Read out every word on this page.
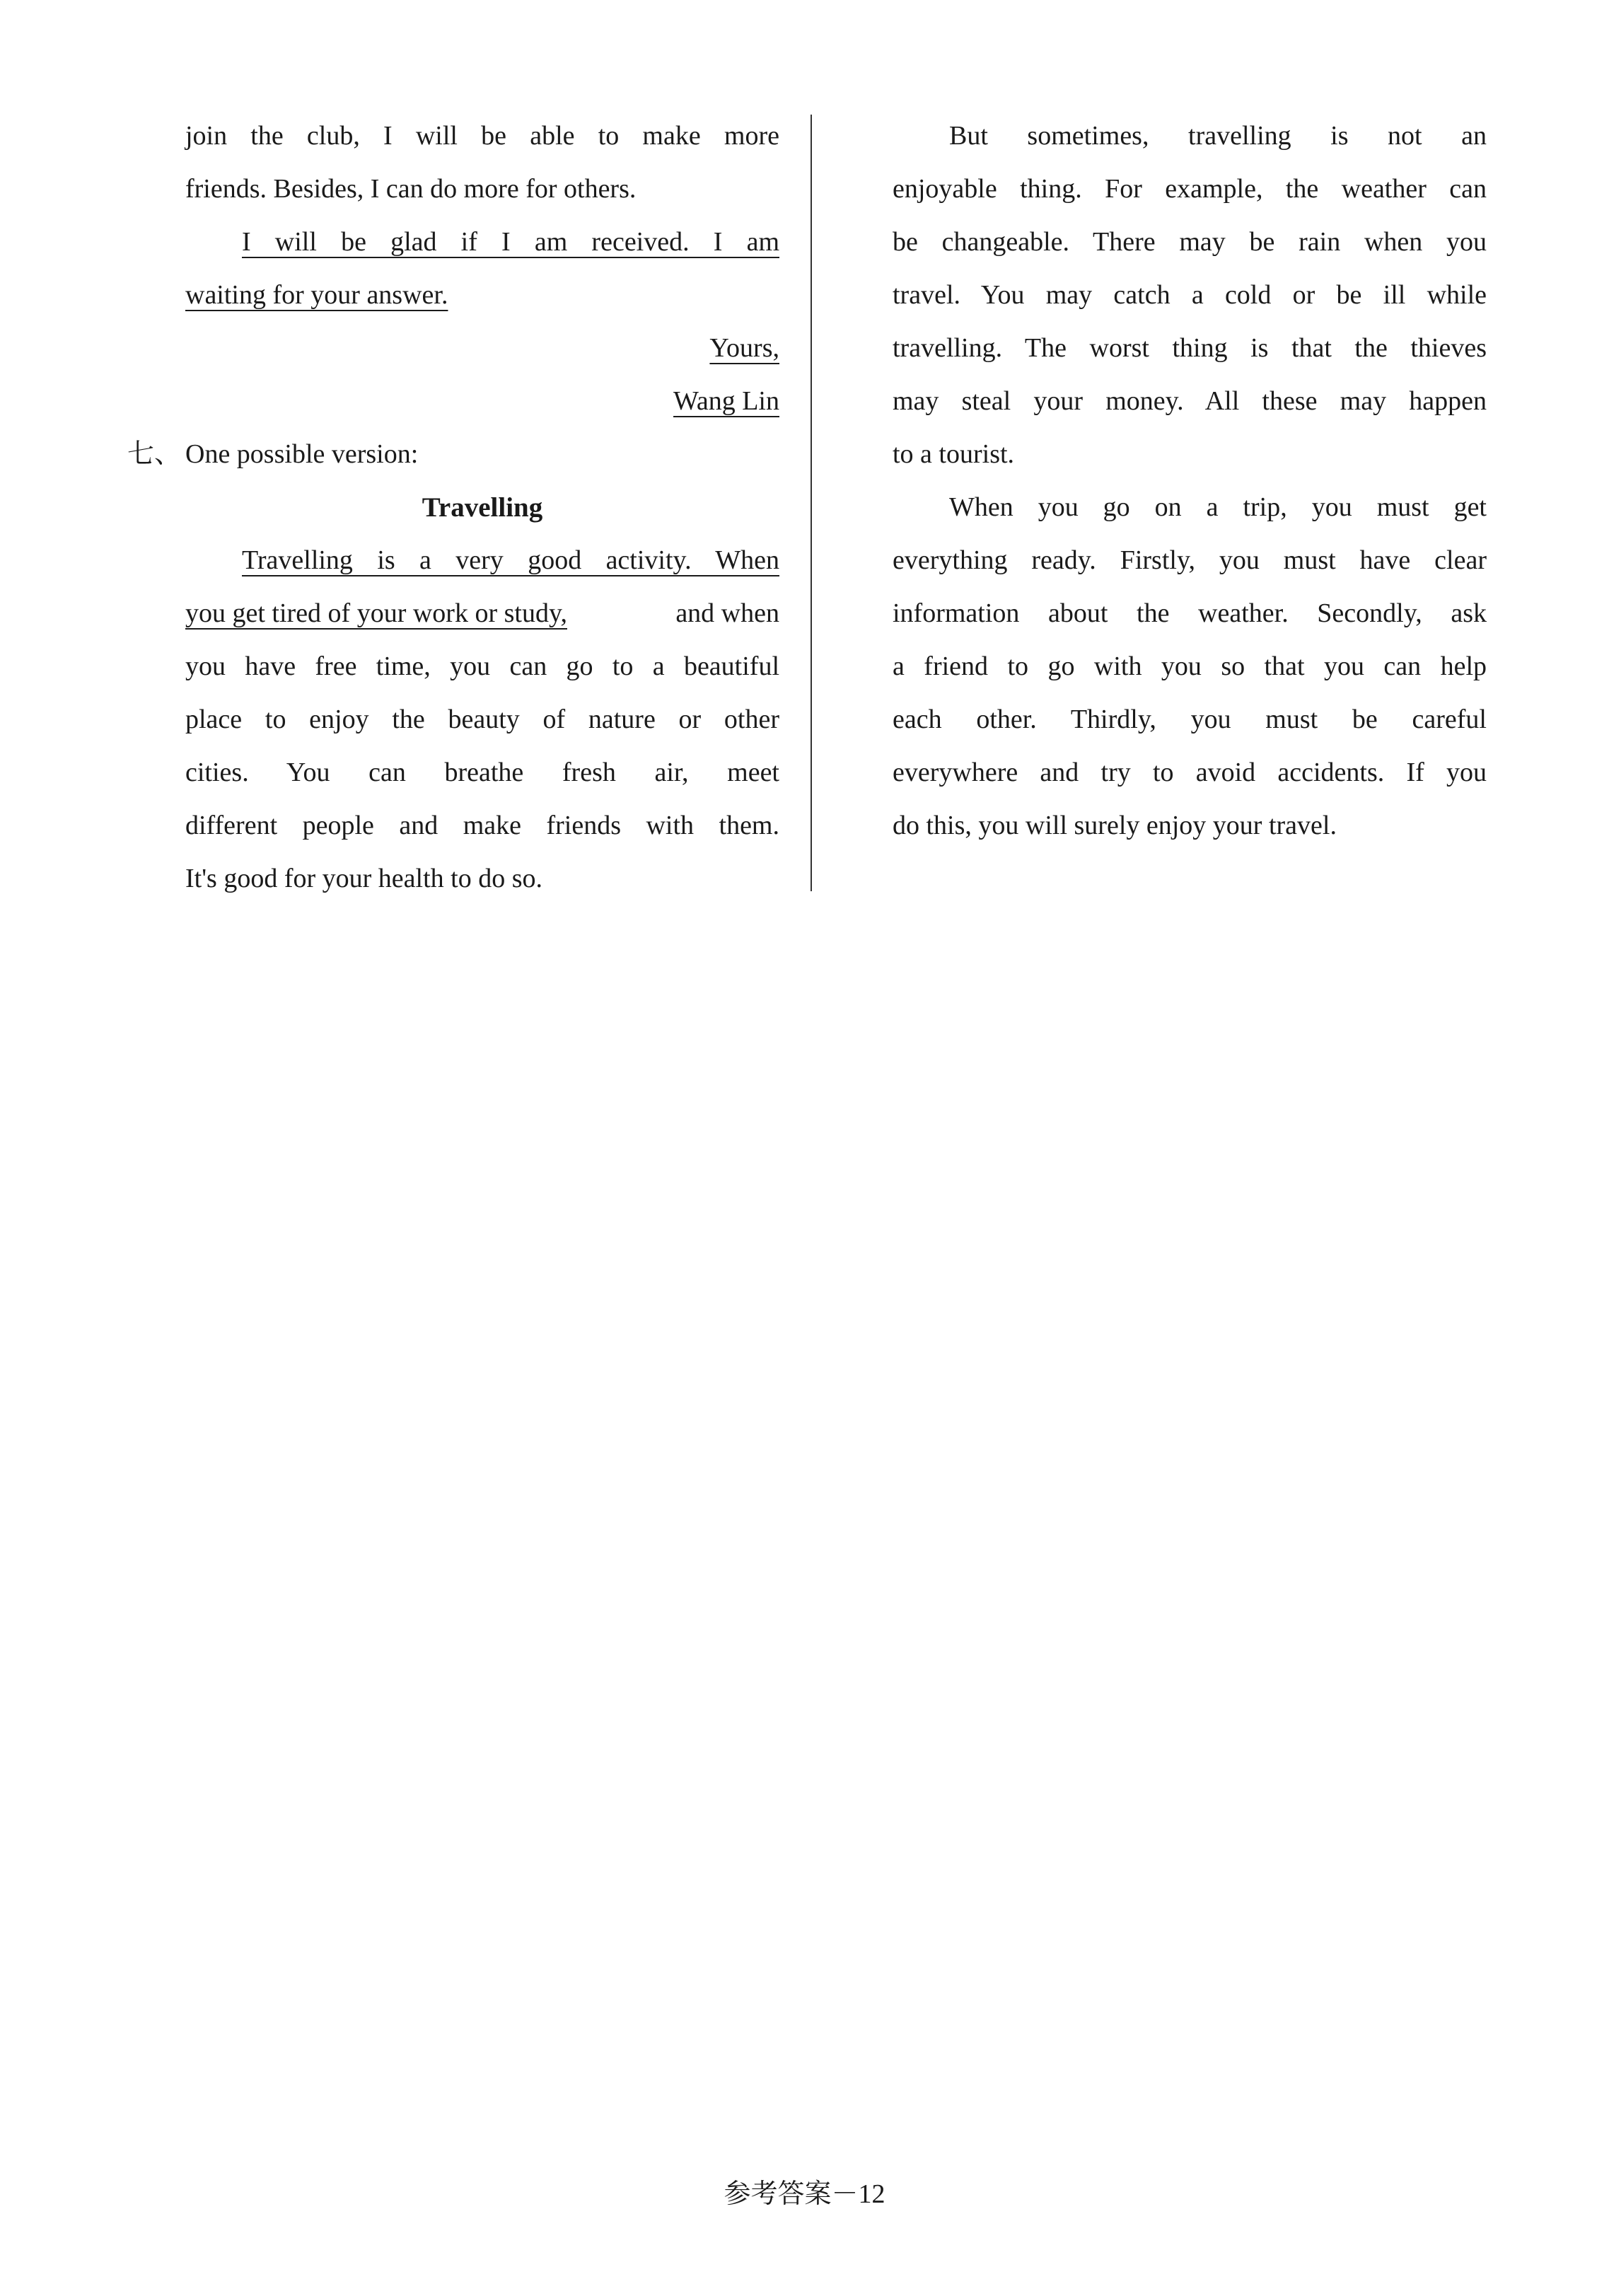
join the club, I will be able to make more
friends. Besides, I can do more for others.
I will be glad if I am received. I am
waiting for your answer.
Yours,
Wang Lin
七、 One possible version:
Travelling
Travelling is a very good activity. When
you get tired of your work or study,	and when
you have free time, you can go to a beautiful
place to enjoy the beauty of nature or other
cities. You can breathe fresh air, meet
different people and make friends with them.
It's good for your health to do so.
But sometimes, travelling is not an
enjoyable thing. For example, the weather can
be changeable. There may be rain when you
travel. You may catch a cold or be ill while
travelling. The worst thing is that the thieves
may steal your money. All these may happen
to a tourist.
When you go on a trip, you must get
everything ready. Firstly, you must have clear
information about the weather. Secondly, ask
a friend to go with you so that you can help
each other. Thirdly, you must be careful
everywhere and try to avoid accidents. If you
do this, you will surely enjoy your travel.
参考答案－12
